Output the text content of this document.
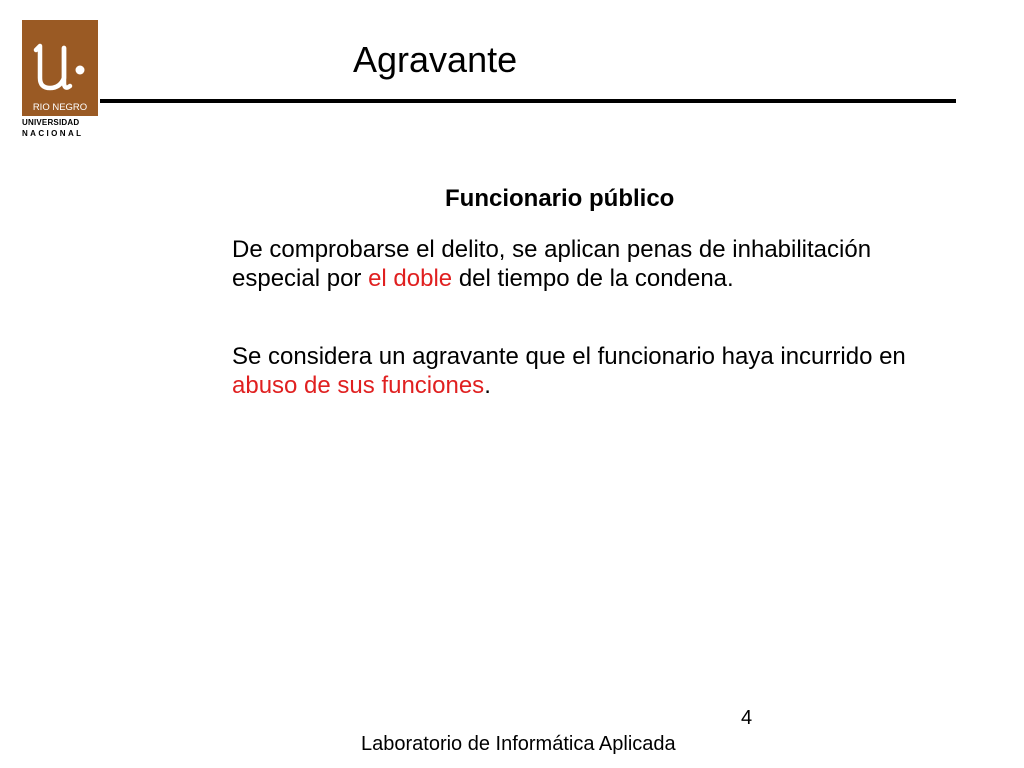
RIO NEGRO
UNIVERSIDAD
NACIONAL
Agravante
Funcionario público

De comprobarse el delito, se aplican penas de inhabilitación especial por el doble del tiempo de la condena.

Se considera un agravante que el funcionario haya incurrido en abuso de sus funciones.

4
Laboratorio de Informática Aplicada
